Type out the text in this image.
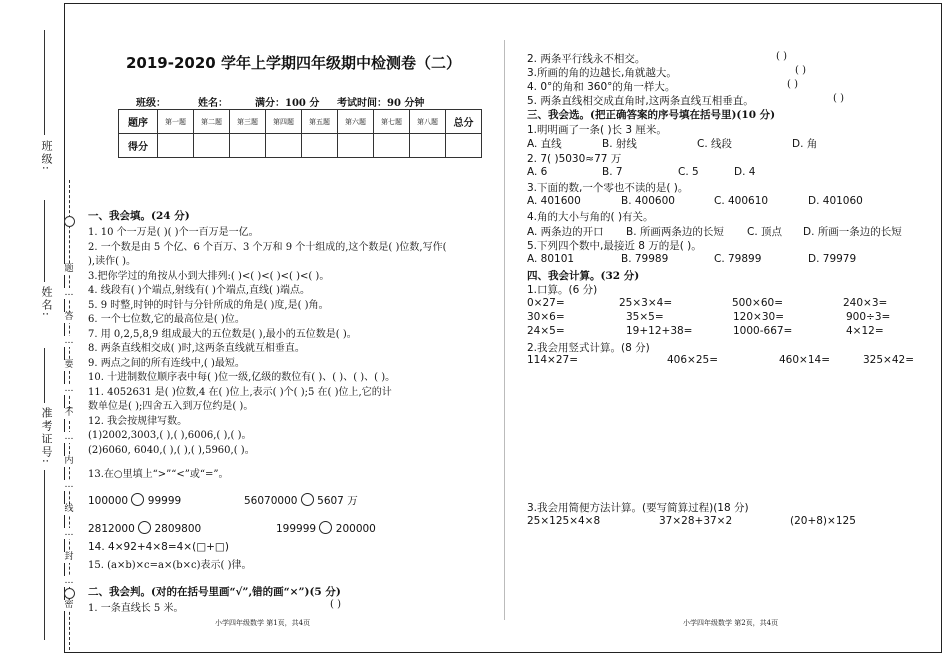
班级:
姓名:
准考证号:
密
…
封
…
线
…
内
…
不
…
要
…
答
…
题
2019-2020 学年上学期四年级期中检测卷（二）
班级：	姓名：	满分：100 分 考试时间：90 分钟
题序	第一题	第二题	第三题	第四题	第五题	第六题	第七题	第八题	总分
得分									
一、我会填。(24 分)
1. 10 个一万是( )( )个一百万是一亿。
2. 一个数是由 5 个亿、6 个百万、3 个万和 9 个十组成的,这个数是( )位数,写作(
),读作( )。
3.把你学过的角按从小到大排列:( )<( )<( )<( )<( )。
4. 线段有( )个端点,射线有( )个端点,直线( )端点。
5. 9 时整,时钟的时针与分针所成的角是( )度,是( )角。
6. 一个七位数,它的最高位是( )位。
7. 用 0,2,5,8,9 组成最大的五位数是( ),最小的五位数是( )。
8. 两条直线相交成( )时,这两条直线就互相垂直。
9. 两点之间的所有连线中,( )最短。
10. 十进制数位顺序表中每( )位一级,亿级的数位有( )、( )、( )、( )。
11. 4052631 是( )位数,4 在( )位上,表示( )个( );5 在( )位上,它的计
数单位是( );四舍五入到万位约是( )。
12. 我会按规律写数。
(1)2002,3003,( ),( ),6006,( ),( )。
(2)6060, 6040,( ),( ),( ),5960,( )。
13.在○里填上“>”“<”或“=”。
100000 99999	56070000 5607 万
2812000 2809800	199999 200000
14. 4×92+4×8=4×(□+□)
15. (a×b)×c=a×(b×c)表示( )律。
二、我会判。(对的在括号里画“√”,错的画“×”)(5 分)
1. 一条直线长 5 米。	( )
小学四年级数学 第1页，共4页
2. 两条平行线永不相交。	( )
3.所画的角的边越长,角就越大。	( )
4. 0°的角和 360°的角一样大。	( )
5. 两条直线相交成直角时,这两条直线互相垂直。	( )
三、我会选。(把正确答案的序号填在括号里)(10 分)
1.明明画了一条( )长 3 厘米。
A. 直线	B. 射线	C. 线段	D. 角
2. 7( )5030≈77 万
A. 6	B. 7	C. 5	D. 4
3.下面的数,一个零也不读的是( )。
A. 401600	B. 400600	C. 400610	D. 401060
4.角的大小与角的( )有关。
A. 两条边的开口 B. 所画两条边的长短 C. 顶点 D. 所画一条边的长短
5.下列四个数中,最接近 8 万的是( )。
A. 80101	B. 79989	C. 79899	D. 79979
四、我会计算。(32 分)
1.口算。(6 分)
0×27=	25×3×4=	500×60=	240×3=
30×6=	35×5=	120×30=	900÷3=
24×5=	19+12+38=	1000-667=	4×12=
2.我会用竖式计算。(8 分)
114×27=	406×25=	460×14=	325×42=
3.我会用简便方法计算。(要写简算过程)(18 分)
25×125×4×8	37×28+37×2	(20+8)×125
小学四年级数学 第2页，共4页
